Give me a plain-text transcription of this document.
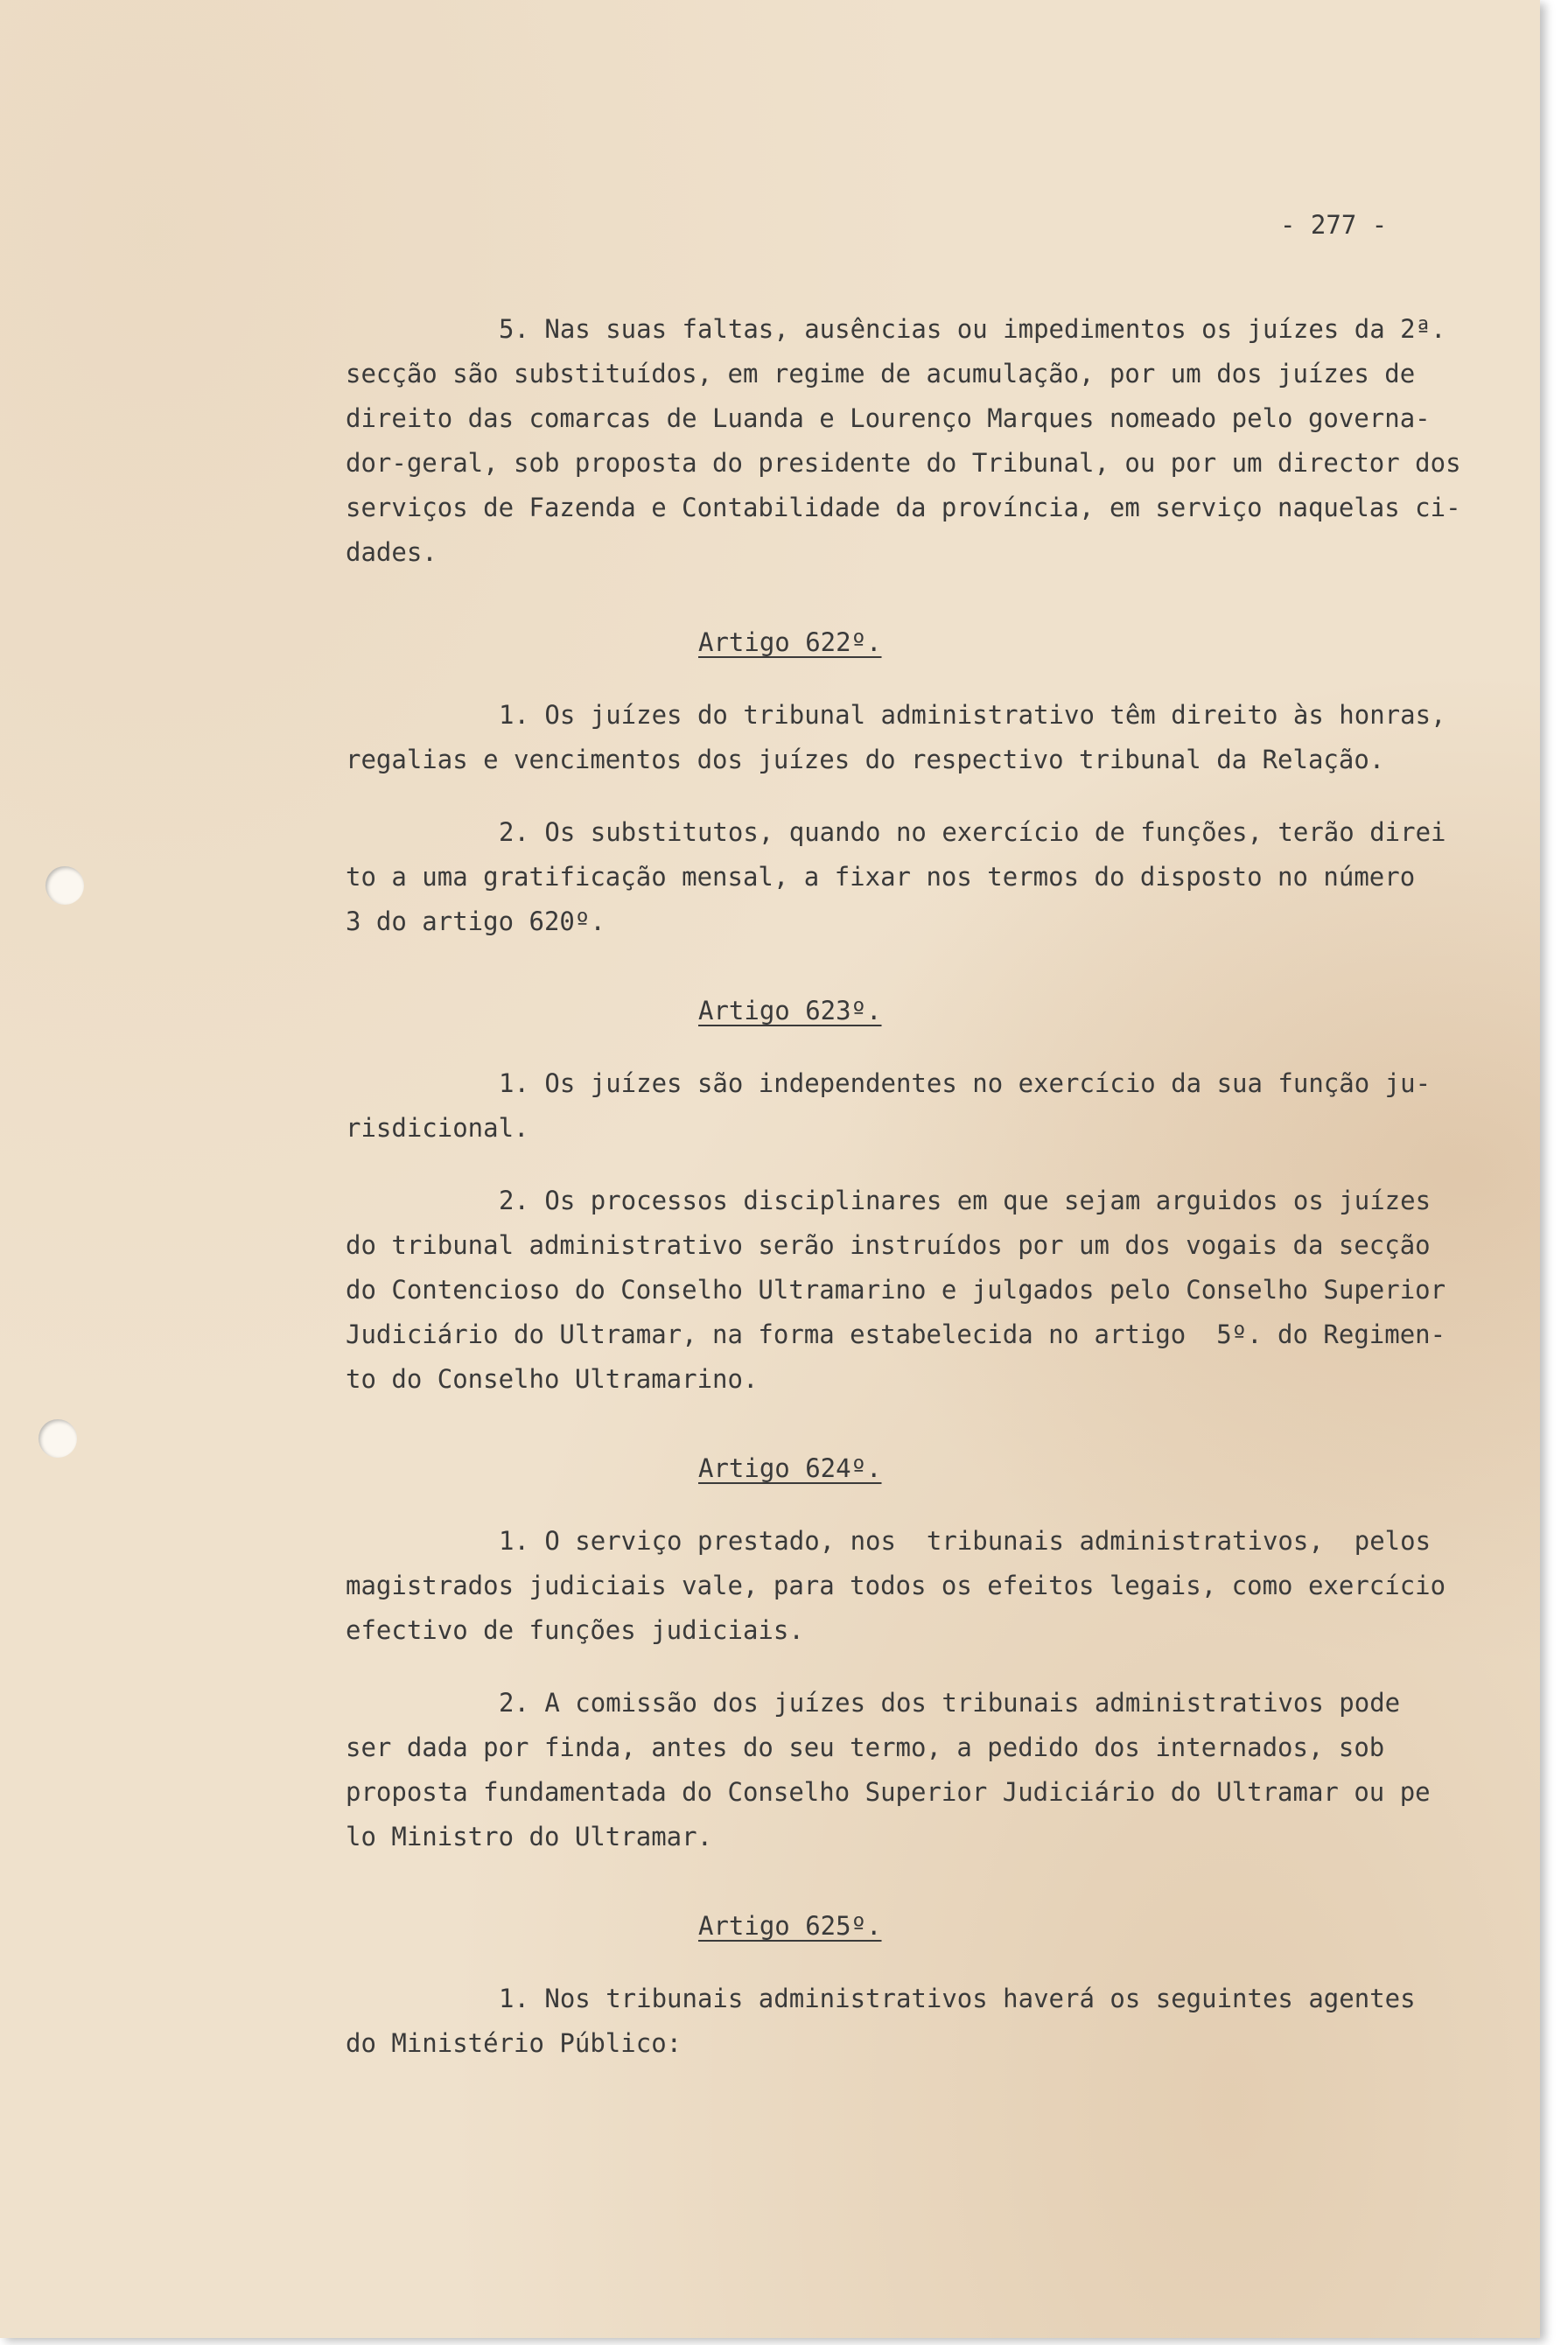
- 277 -
5. Nas suas faltas, ausências ou impedimentos os juízes da 2ª.
secção são substituídos, em regime de acumulação, por um dos juízes de
direito das comarcas de Luanda e Lourenço Marques nomeado pelo governa-
dor-geral, sob proposta do presidente do Tribunal, ou por um director dos
serviços de Fazenda e Contabilidade da província, em serviço naquelas ci-
dades.
Artigo 622º.
1. Os juízes do tribunal administrativo têm direito às honras,
regalias e vencimentos dos juízes do respectivo tribunal da Relação.
2. Os substitutos, quando no exercício de funções, terão direi
to a uma gratificação mensal, a fixar nos termos do disposto no número
3 do artigo 620º.
Artigo 623º.
1. Os juízes são independentes no exercício da sua função ju-
risdicional.
2. Os processos disciplinares em que sejam arguidos os juízes
do tribunal administrativo serão instruídos por um dos vogais da secção
do Contencioso do Conselho Ultramarino e julgados pelo Conselho Superior
Judiciário do Ultramar, na forma estabelecida no artigo  5º. do Regimen-
to do Conselho Ultramarino.
Artigo 624º.
1. O serviço prestado, nos  tribunais administrativos,  pelos
magistrados judiciais vale, para todos os efeitos legais, como exercício
efectivo de funções judiciais.
2. A comissão dos juízes dos tribunais administrativos pode
ser dada por finda, antes do seu termo, a pedido dos internados, sob
proposta fundamentada do Conselho Superior Judiciário do Ultramar ou pe
lo Ministro do Ultramar.
Artigo 625º.
1. Nos tribunais administrativos haverá os seguintes agentes
do Ministério Público:
